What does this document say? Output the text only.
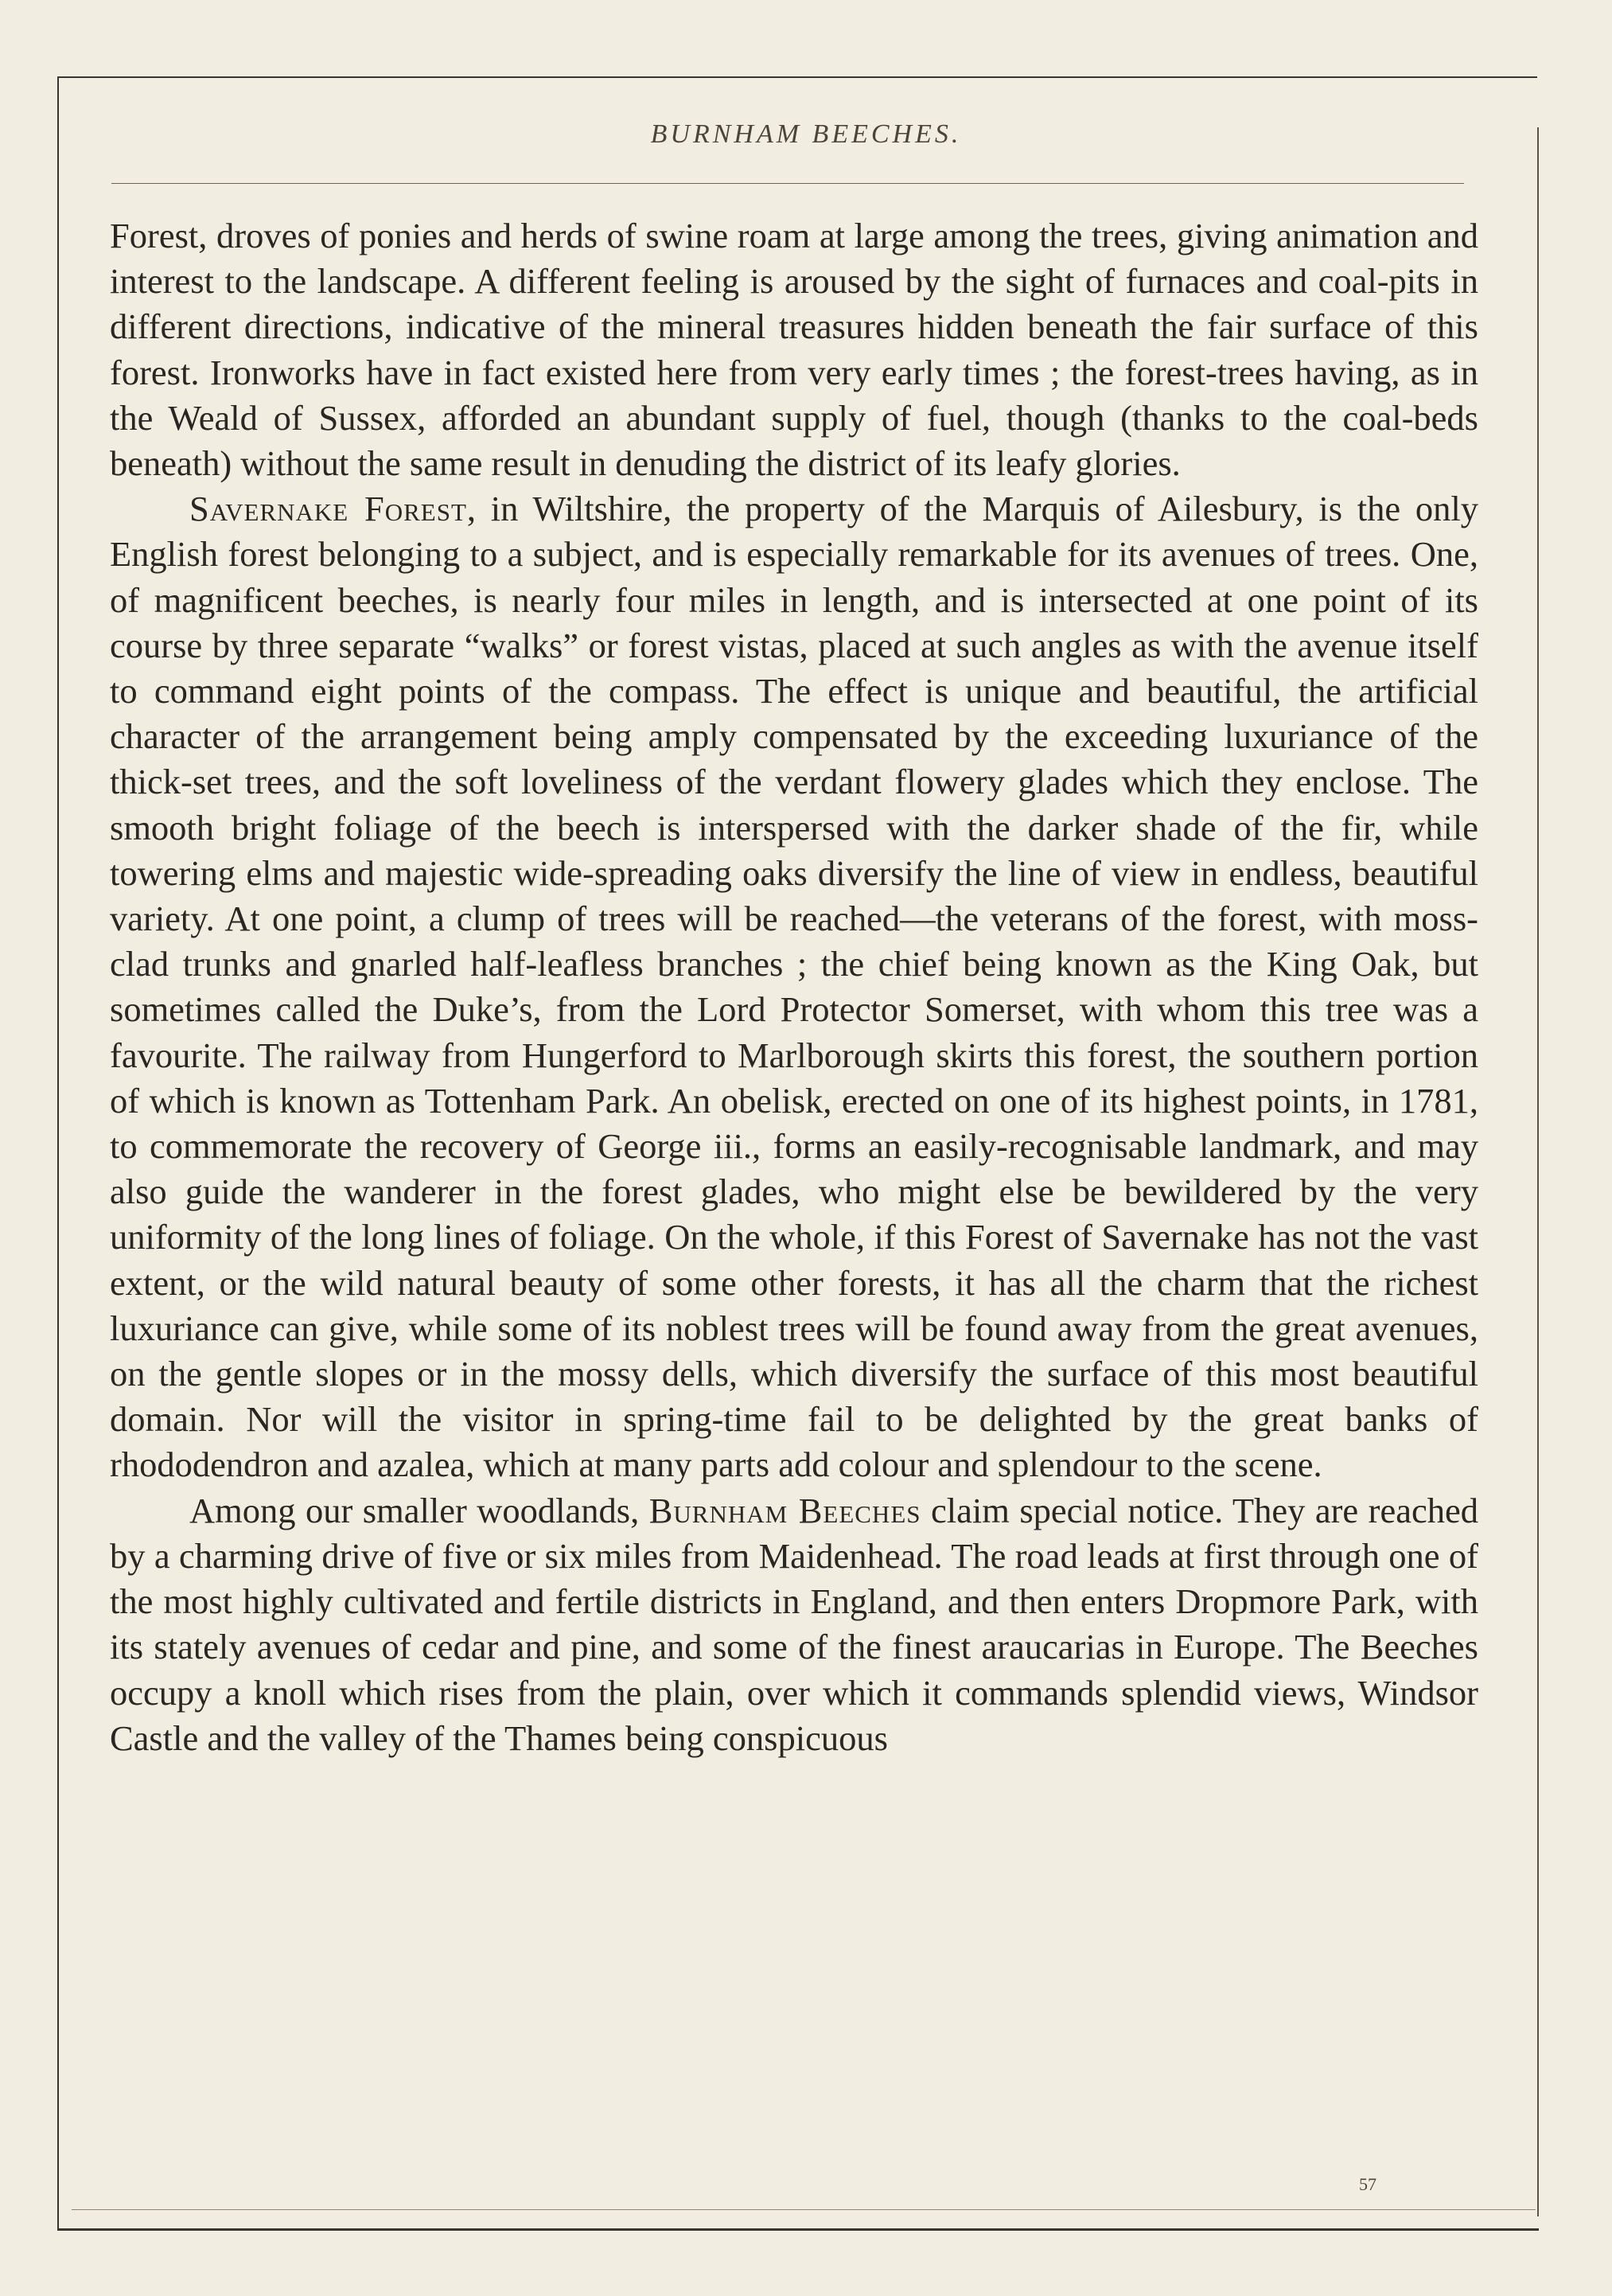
BURNHAM BEECHES.

Forest, droves of ponies and herds of swine roam at large among the trees, giving animation and interest to the landscape. A different feeling is aroused by the sight of furnaces and coal-pits in different directions, indicative of the mineral treasures hidden beneath the fair surface of this forest. Ironworks have in fact existed here from very early times ; the forest-trees having, as in the Weald of Sussex, afforded an abundant supply of fuel, though (thanks to the coal-beds beneath) without the same result in denuding the district of its leafy glories.

Savernake Forest, in Wiltshire, the property of the Marquis of Ailesbury, is the only English forest belonging to a subject, and is especially remarkable for its avenues of trees. One, of magnificent beeches, is nearly four miles in length, and is intersected at one point of its course by three separate “walks” or forest vistas, placed at such angles as with the avenue itself to command eight points of the compass. The effect is unique and beautiful, the artificial character of the arrangement being amply compensated by the exceeding luxuriance of the thick-set trees, and the soft loveliness of the verdant flowery glades which they enclose. The smooth bright foliage of the beech is interspersed with the darker shade of the fir, while towering elms and majestic wide-spreading oaks diversify the line of view in endless, beautiful variety. At one point, a clump of trees will be reached—the veterans of the forest, with moss-clad trunks and gnarled half-leafless branches ; the chief being known as the King Oak, but sometimes called the Duke’s, from the Lord Protector Somerset, with whom this tree was a favourite. The railway from Hungerford to Marlborough skirts this forest, the southern portion of which is known as Tottenham Park. An obelisk, erected on one of its highest points, in 1781, to commemorate the recovery of George iii., forms an easily-recognisable landmark, and may also guide the wanderer in the forest glades, who might else be bewildered by the very uniformity of the long lines of foliage. On the whole, if this Forest of Savernake has not the vast extent, or the wild natural beauty of some other forests, it has all the charm that the richest luxuriance can give, while some of its noblest trees will be found away from the great avenues, on the gentle slopes or in the mossy dells, which diversify the surface of this most beautiful domain. Nor will the visitor in spring-time fail to be delighted by the great banks of rhododendron and azalea, which at many parts add colour and splendour to the scene.

Among our smaller woodlands, Burnham Beeches claim special notice. They are reached by a charming drive of five or six miles from Maidenhead. The road leads at first through one of the most highly cultivated and fertile districts in England, and then enters Dropmore Park, with its stately avenues of cedar and pine, and some of the finest araucarias in Europe. The Beeches occupy a knoll which rises from the plain, over which it commands splendid views, Windsor Castle and the valley of the Thames being conspicuous

57
